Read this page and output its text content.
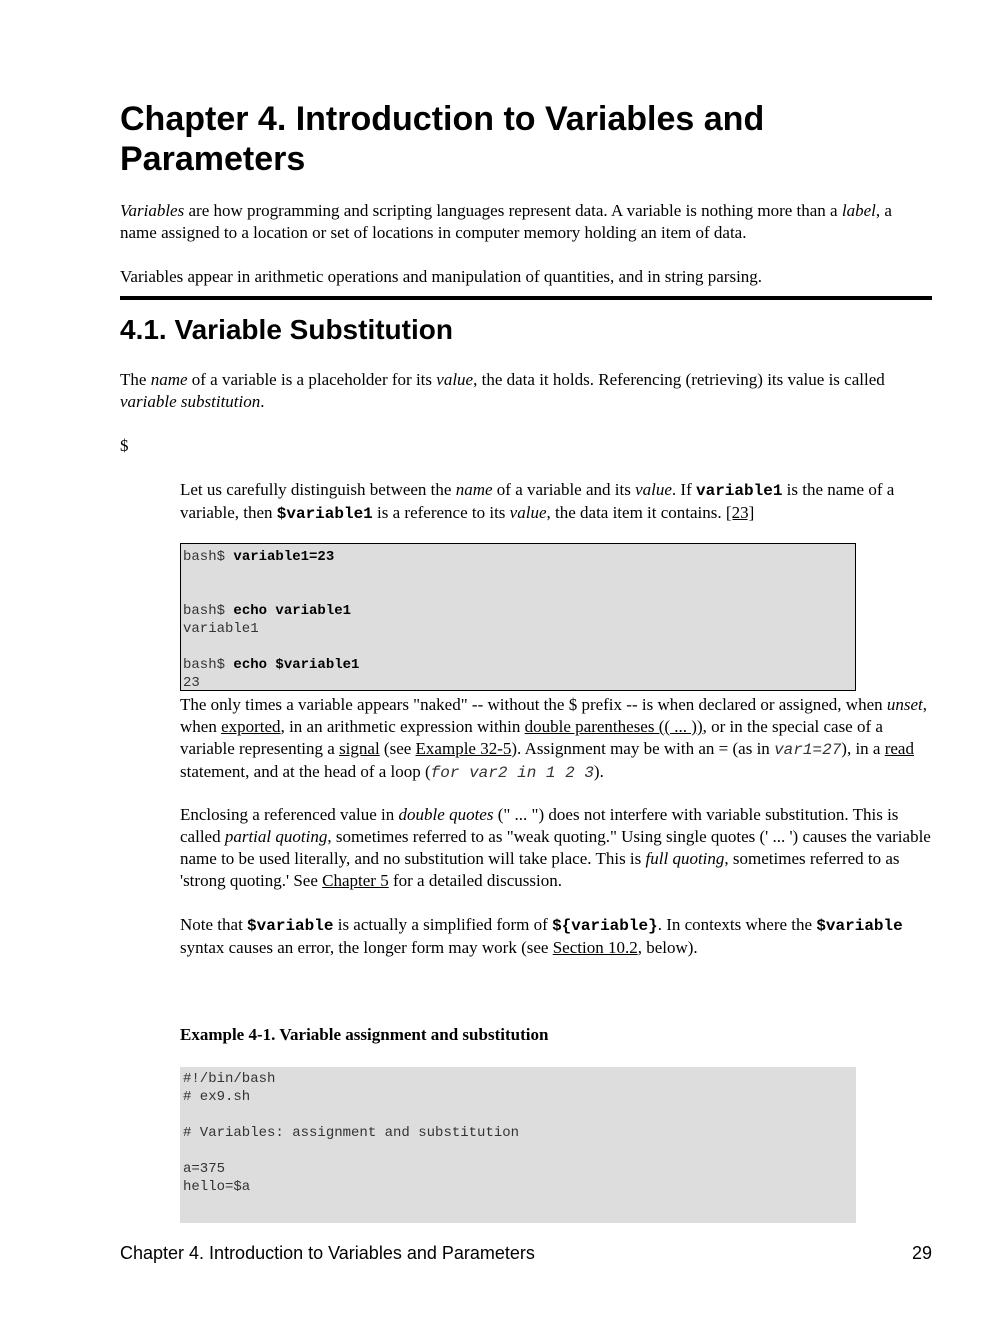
Chapter 4. Introduction to Variables and Parameters

Variables are how programming and scripting languages represent data. A variable is nothing more than a label, a name assigned to a location or set of locations in computer memory holding an item of data.

Variables appear in arithmetic operations and manipulation of quantities, and in string parsing.

4.1. Variable Substitution

The name of a variable is a placeholder for its value, the data it holds. Referencing (retrieving) its value is called variable substitution.

$

Let us carefully distinguish between the name of a variable and its value. If variable1 is the name of a variable, then $variable1 is a reference to its value, the data item it contains. [23]

bash$ variable1=23
bash$ echo variable1
variable1
bash$ echo $variable1
23

The only times a variable appears "naked" -- without the $ prefix -- is when declared or assigned, when unset, when exported, in an arithmetic expression within double parentheses (( ... )), or in the special case of a variable representing a signal (see Example 32-5). Assignment may be with an = (as in var1=27), in a read statement, and at the head of a loop (for var2 in 1 2 3).

Enclosing a referenced value in double quotes (" ... ") does not interfere with variable substitution. This is called partial quoting, sometimes referred to as "weak quoting." Using single quotes (' ... ') causes the variable name to be used literally, and no substitution will take place. This is full quoting, sometimes referred to as 'strong quoting.' See Chapter 5 for a detailed discussion.

Note that $variable is actually a simplified form of ${variable}. In contexts where the $variable syntax causes an error, the longer form may work (see Section 10.2, below).

Example 4-1. Variable assignment and substitution

#!/bin/bash
# ex9.sh
# Variables: assignment and substitution
a=375
hello=$a
Chapter 4. Introduction to Variables and Parameters	29
